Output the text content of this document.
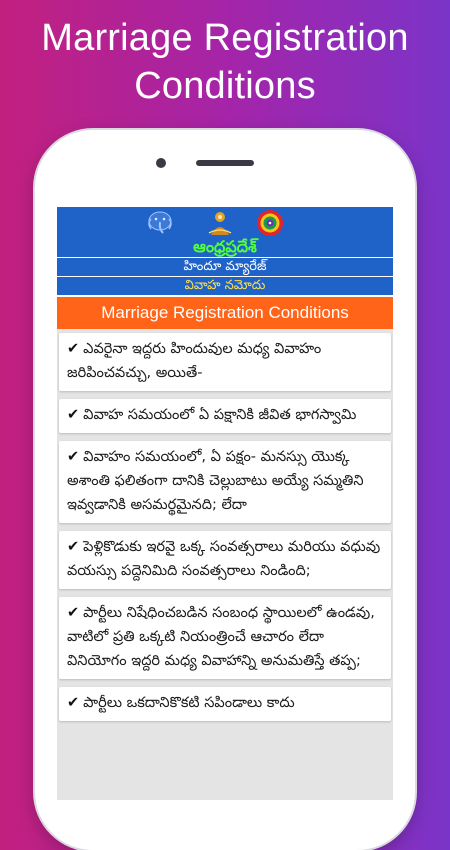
Marriage Registration
Conditions
ఆంధ్రప్రదేశ్
హిందూ మ్యారేజ్
వివాహ నమోదు
Marriage Registration Conditions
✔ ఎవరైనా ఇద్దరు హిందువుల మధ్య వివాహం జరిపించవచ్చు, అయితే-
✔ వివాహ సమయంలో ఏ పక్షానికి జీవిత భాగస్వామి
✔ వివాహం సమయంలో, ఏ పక్షం- మనస్సు యొక్క అశాంతి ఫలితంగా దానికి చెల్లుబాటు అయ్యే సమ్మతిని ఇవ్వడానికి అసమర్థమైనది; లేదా
✔ పెళ్లికొడుకు ఇరవై ఒక్క సంవత్సరాలు మరియు వధువు వయస్సు పద్దెనిమిది సంవత్సరాలు నిండింది;
✔ పార్టీలు నిషేధించబడిన సంబంధ స్థాయిలలో ఉండవు, వాటిలో ప్రతి ఒక్కటి నియంత్రించే ఆచారం లేదా వినియోగం ఇద్దరి మధ్య వివాహాన్ని అనుమతిస్తే తప్ప;
✔ పార్టీలు ఒకదానికొకటి సపిండాలు కాదు
